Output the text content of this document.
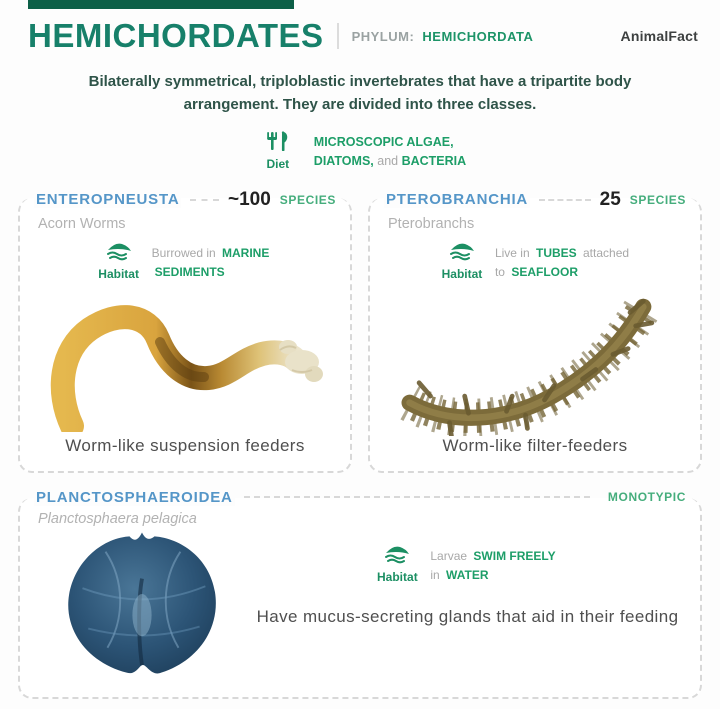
HEMICHORDATES PHYLUM: HEMICHORDATA	AnimalFact
Bilaterally symmetrical, triploblastic invertebrates that have a tripartite body arrangement. They are divided into three classes.
Diet
MICROSCOPIC ALGAE,
DIATOMS, and BACTERIA
ENTEROPNEUSTA	~100 SPECIES
Acorn Worms
Habitat
Burrowed in MARINE
SEDIMENTS
Worm-like suspension feeders
PTEROBRANCHIA	25 SPECIES
Pterobranchs
Habitat
Live in TUBES attached
to SEAFLOOR
Worm-like filter-feeders
PLANCTOSPHAEROIDEA	MONOTYPIC
Planctosphaera pelagica
Habitat
Larvae SWIM FREELY
in WATER
Have mucus-secreting glands that aid in their feeding
